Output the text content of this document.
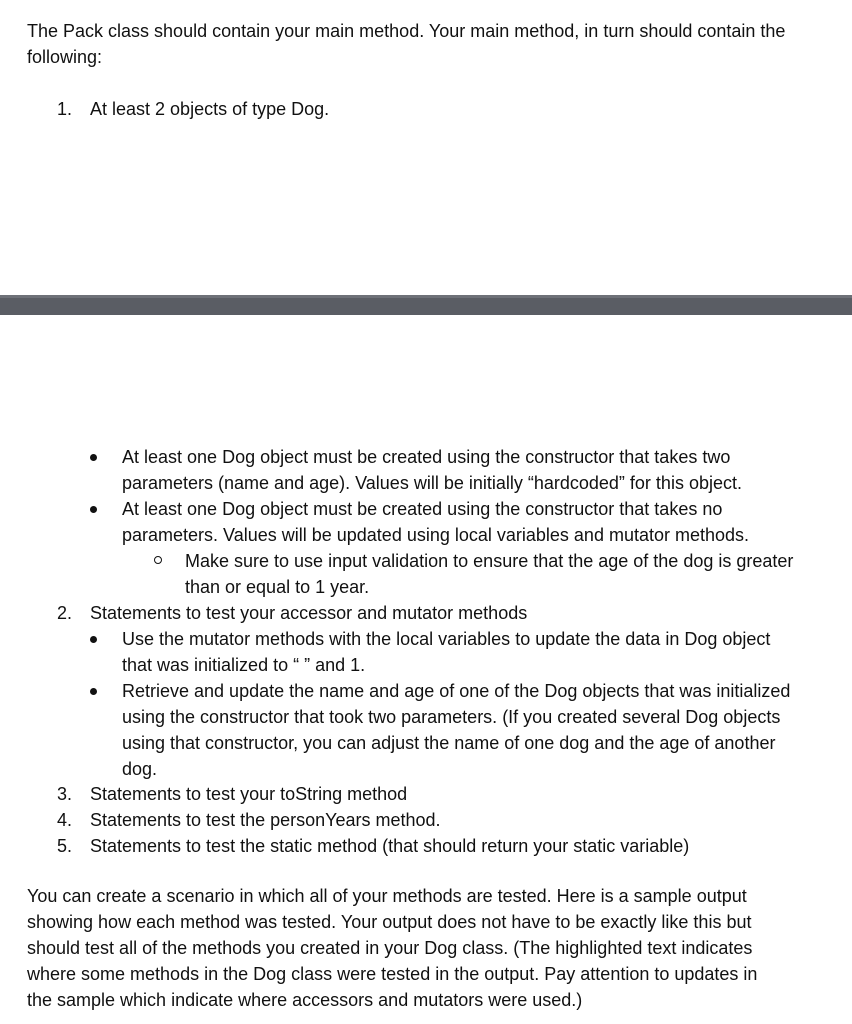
The Pack class should contain your main method. Your main method, in turn should contain the
following:
1. At least 2 objects of type Dog.
At least one Dog object must be created using the constructor that takes two
parameters (name and age). Values will be initially “hardcoded” for this object.
At least one Dog object must be created using the constructor that takes no
parameters. Values will be updated using local variables and mutator methods.
Make sure to use input validation to ensure that the age of the dog is greater
than or equal to 1 year.
2. Statements to test your accessor and mutator methods
Use the mutator methods with the local variables to update the data in Dog object
that was initialized to “ ” and 1.
Retrieve and update the name and age of one of the Dog objects that was initialized
using the constructor that took two parameters. (If you created several Dog objects
using that constructor, you can adjust the name of one dog and the age of another
dog.
3. Statements to test your toString method
4. Statements to test the personYears method.
5. Statements to test the static method (that should return your static variable)
You can create a scenario in which all of your methods are tested. Here is a sample output
showing how each method was tested. Your output does not have to be exactly like this but
should test all of the methods you created in your Dog class. (The highlighted text indicates
where some methods in the Dog class were tested in the output. Pay attention to updates in
the sample which indicate where accessors and mutators were used.)
